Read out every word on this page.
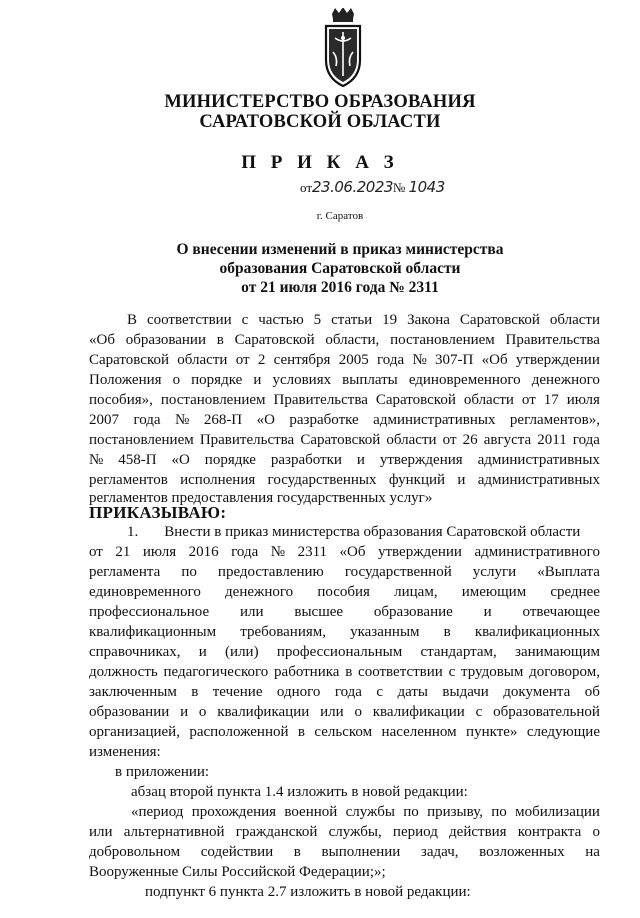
МИНИСТЕРСТВО ОБРАЗОВАНИЯ
САРАТОВСКОЙ ОБЛАСТИ
П Р И К А З
от23.06.2023№ 1043
г. Саратов
О внесении изменений в приказ министерства
образования Саратовской области
от 21 июля 2016 года № 2311
В соответствии с частью 5 статьи 19 Закона Саратовской области
«Об образовании в Саратовской области, постановлением Правительства
Саратовской области от 2 сентября 2005 года № 307-П «Об утверждении
Положения о порядке и условиях выплаты единовременного денежного
пособия», постановлением Правительства Саратовской области от 17 июля
2007 года № 268-П «О разработке административных регламентов»,
постановлением Правительства Саратовской области от 26 августа 2011 года
№ 458-П «О порядке разработки и утверждения административных
регламентов исполнения государственных функций и административных
регламентов предоставления государственных услуг»
ПРИКАЗЫВАЮ:
1. Внести в приказ министерства образования Саратовской области
от 21 июля 2016 года № 2311 «Об утверждении административного
регламента по предоставлению государственной услуги «Выплата
единовременного денежного пособия лицам, имеющим среднее
профессиональное или высшее образование и отвечающее
квалификационным требованиям, указанным в квалификационных
справочниках, и (или) профессиональным стандартам, занимающим
должность педагогического работника в соответствии с трудовым договором,
заключенным в течение одного года с даты выдачи документа об
образовании и о квалификации или о квалификации с образовательной
организацией, расположенной в сельском населенном пункте» следующие
изменения:
в приложении:
абзац второй пункта 1.4 изложить в новой редакции:
«период прохождения военной службы по призыву, по мобилизации
или альтернативной гражданской службы, период действия контракта о
добровольном содействии в выполнении задач, возложенных на
Вооруженные Силы Российской Федерации;»;
подпункт 6 пункта 2.7 изложить в новой редакции:
